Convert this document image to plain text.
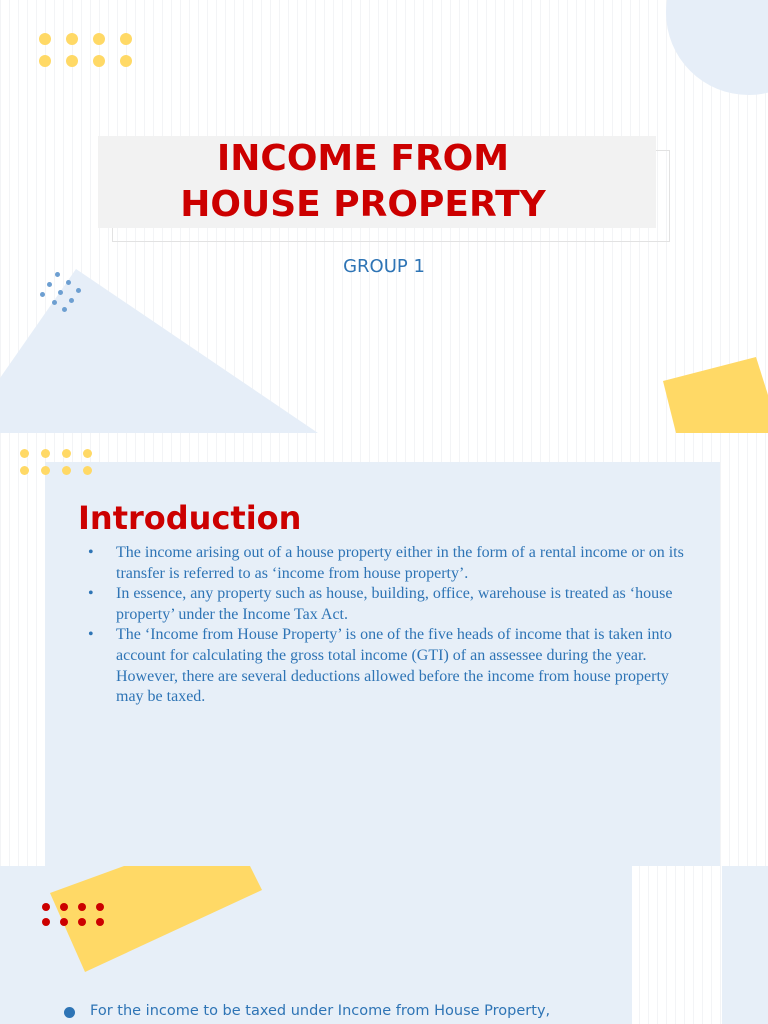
INCOME FROM
HOUSE PROPERTY
GROUP 1
Introduction
• The income arising out of a house property either in the form of a rental income or on its transfer is referred to as ‘income from house property’.
• In essence, any property such as house, building, office, warehouse is treated as ‘house property’ under the Income Tax Act.
• The ‘Income from House Property’ is one of the five heads of income that is taken into account for calculating the gross total income (GTI) of an assessee during the year. However, there are several deductions allowed before the income from house property may be taxed.
For the income to be taxed under Income from House Property,
